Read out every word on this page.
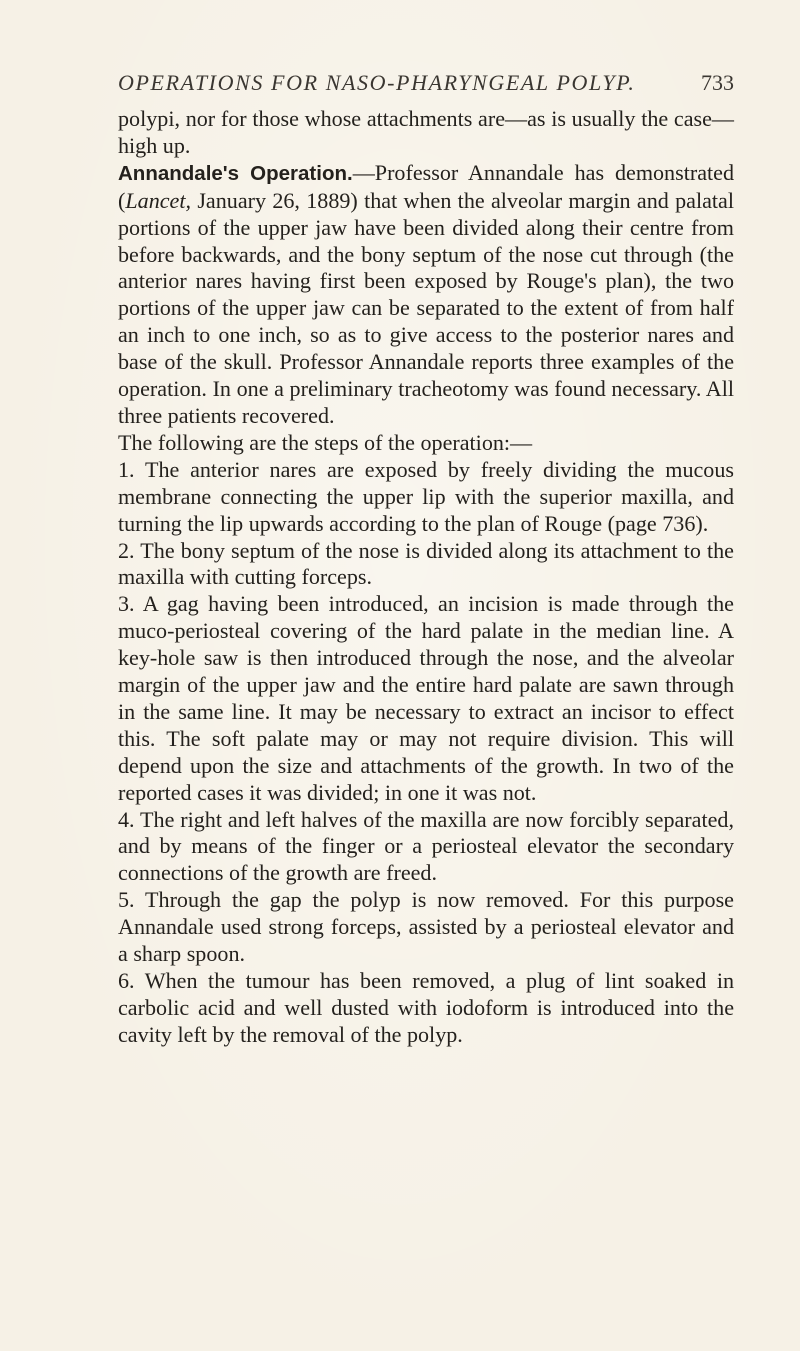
OPERATIONS FOR NASO-PHARYNGEAL POLYP.	733

polypi, nor for those whose attachments are—as is usually the case—high up.

Annandale's Operation.—Professor Annandale has demonstrated (Lancet, January 26, 1889) that when the alveolar margin and palatal portions of the upper jaw have been divided along their centre from before backwards, and the bony septum of the nose cut through (the anterior nares having first been exposed by Rouge's plan), the two portions of the upper jaw can be separated to the extent of from half an inch to one inch, so as to give access to the posterior nares and base of the skull. Professor Annandale reports three examples of the operation. In one a preliminary tracheotomy was found necessary. All three patients recovered.

The following are the steps of the operation:—

1. The anterior nares are exposed by freely dividing the mucous membrane connecting the upper lip with the superior maxilla, and turning the lip upwards according to the plan of Rouge (page 736).

2. The bony septum of the nose is divided along its attachment to the maxilla with cutting forceps.

3. A gag having been introduced, an incision is made through the muco-periosteal covering of the hard palate in the median line. A key-hole saw is then introduced through the nose, and the alveolar margin of the upper jaw and the entire hard palate are sawn through in the same line. It may be necessary to extract an incisor to effect this. The soft palate may or may not require division. This will depend upon the size and attachments of the growth. In two of the reported cases it was divided; in one it was not.

4. The right and left halves of the maxilla are now forcibly separated, and by means of the finger or a periosteal elevator the secondary connections of the growth are freed.

5. Through the gap the polyp is now removed. For this purpose Annandale used strong forceps, assisted by a periosteal elevator and a sharp spoon.

6. When the tumour has been removed, a plug of lint soaked in carbolic acid and well dusted with iodoform is introduced into the cavity left by the removal of the polyp.
